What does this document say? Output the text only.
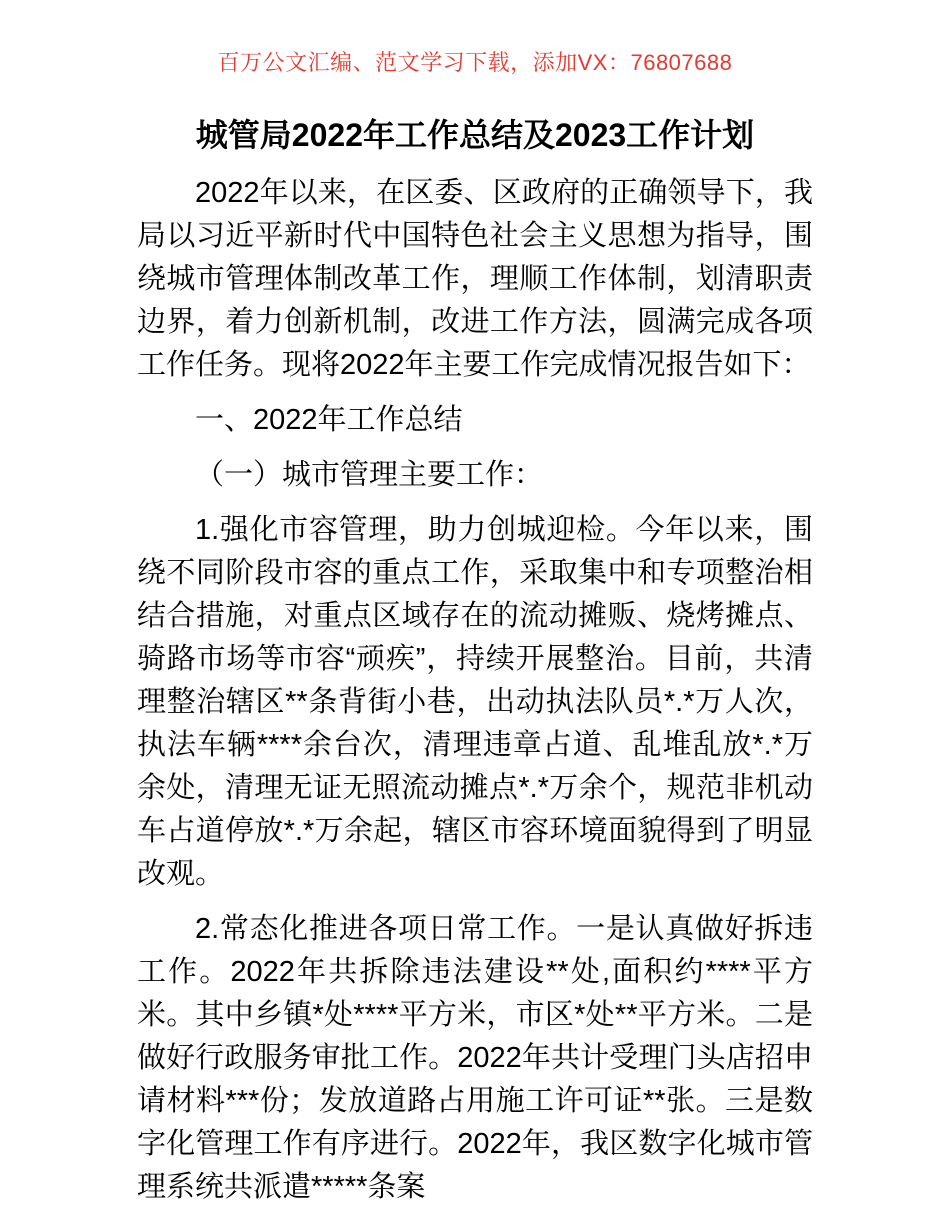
百万公文汇编、范文学习下载，添加VX：76807688
城管局2022年工作总结及2023工作计划

2022年以来，在区委、区政府的正确领导下，我局以习近平新时代中国特色社会主义思想为指导，围绕城市管理体制改革工作，理顺工作体制，划清职责边界，着力创新机制，改进工作方法，圆满完成各项工作任务。现将2022年主要工作完成情况报告如下：

一、2022年工作总结

（一）城市管理主要工作：

1.强化市容管理，助力创城迎检。今年以来，围绕不同阶段市容的重点工作，采取集中和专项整治相结合措施，对重点区域存在的流动摊贩、烧烤摊点、骑路市场等市容“顽疾”，持续开展整治。目前，共清理整治辖区**条背街小巷，出动执法队员*.*万人次，执法车辆****余台次，清理违章占道、乱堆乱放*.*万余处，清理无证无照流动摊点*.*万余个，规范非机动车占道停放*.*万余起，辖区市容环境面貌得到了明显改观。

2.常态化推进各项日常工作。一是认真做好拆违工作。2022年共拆除违法建设**处,面积约****平方米。其中乡镇*处****平方米，市区*处**平方米。二是做好行政服务审批工作。2022年共计受理门头店招申请材料***份；发放道路占用施工许可证**张。三是数字化管理工作有序进行。2022年，我区数字化城市管理系统共派遣*****条案
